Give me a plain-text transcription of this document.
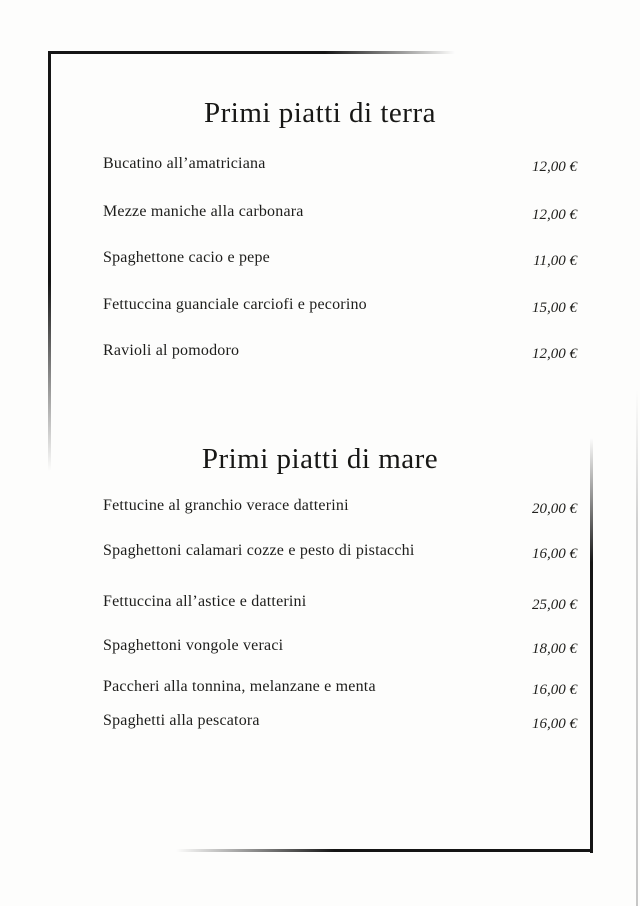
Primi piatti di terra
Bucatino all’amatriciana	12,00 €
Mezze maniche alla carbonara	12,00 €
Spaghettone cacio e pepe	11,00 €
Fettuccina guanciale carciofi e pecorino	15,00 €
Ravioli al pomodoro	12,00 €
Primi piatti di mare
Fettucine al granchio verace datterini	20,00 €
Spaghettoni calamari cozze e pesto di pistacchi	16,00 €
Fettuccina all’astice e datterini	25,00 €
Spaghettoni vongole veraci	18,00 €
Paccheri alla tonnina, melanzane e menta	16,00 €
Spaghetti alla pescatora	16,00 €
